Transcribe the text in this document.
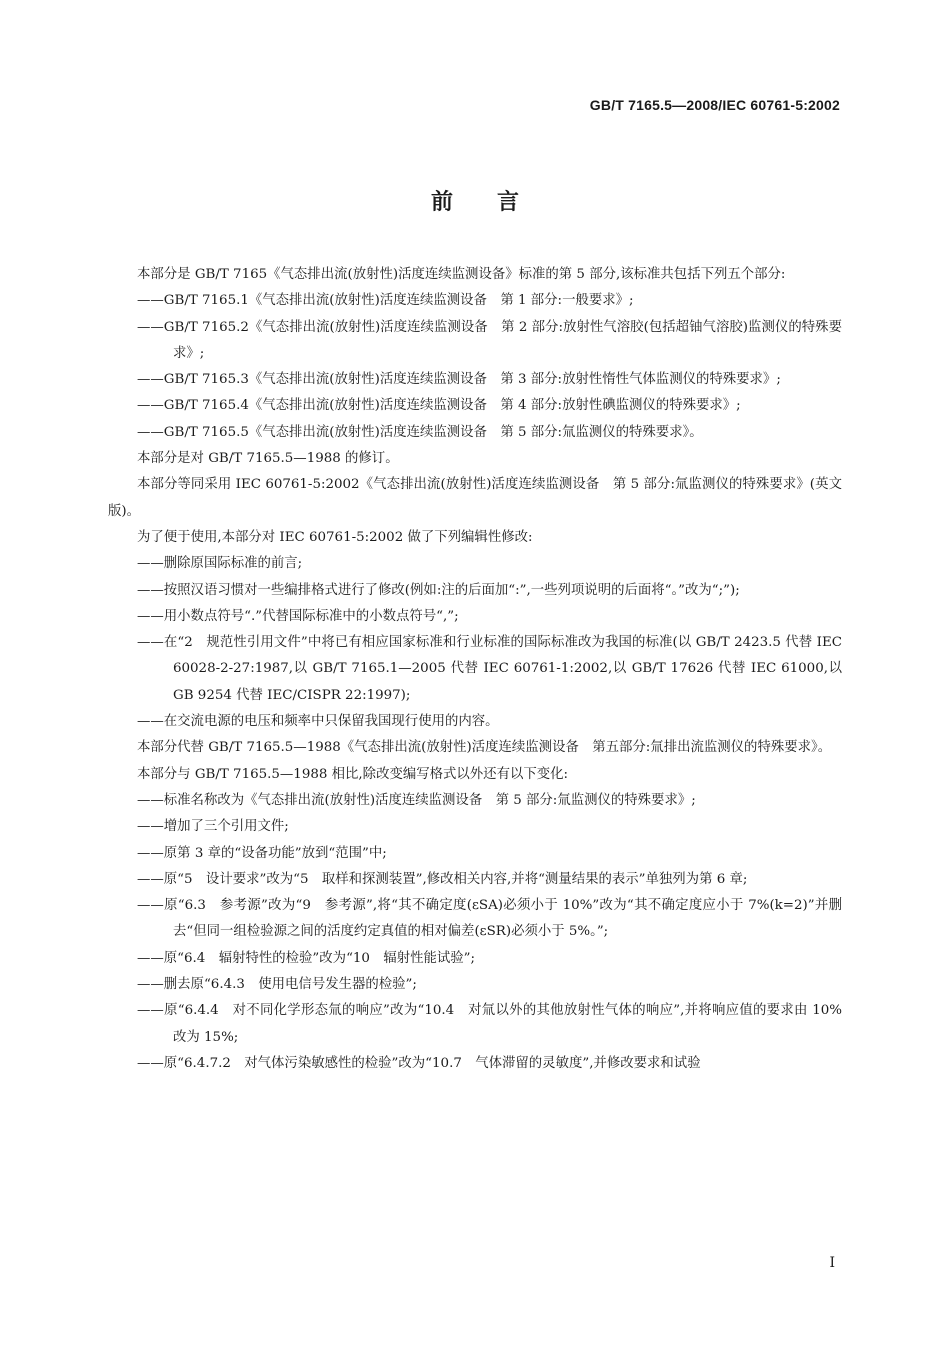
GB/T 7165.5—2008/IEC 60761-5:2002
前言

本部分是 GB/T 7165《气态排出流(放射性)活度连续监测设备》标准的第 5 部分,该标准共包括下列五个部分:

——GB/T 7165.1《气态排出流(放射性)活度连续监测设备　第 1 部分:一般要求》;

——GB/T 7165.2《气态排出流(放射性)活度连续监测设备　第 2 部分:放射性气溶胶(包括超铀气溶胶)监测仪的特殊要求》;

——GB/T 7165.3《气态排出流(放射性)活度连续监测设备　第 3 部分:放射性惰性气体监测仪的特殊要求》;

——GB/T 7165.4《气态排出流(放射性)活度连续监测设备　第 4 部分:放射性碘监测仪的特殊要求》;

——GB/T 7165.5《气态排出流(放射性)活度连续监测设备　第 5 部分:氚监测仪的特殊要求》。

本部分是对 GB/T 7165.5—1988 的修订。

本部分等同采用 IEC 60761-5:2002《气态排出流(放射性)活度连续监测设备　第 5 部分:氚监测仪的特殊要求》(英文版)。

为了便于使用,本部分对 IEC 60761-5:2002 做了下列编辑性修改:

——删除原国际标准的前言;

——按照汉语习惯对一些编排格式进行了修改(例如:注的后面加“:”,一些列项说明的后面将“。”改为“;”);

——用小数点符号“.”代替国际标准中的小数点符号“,”;

——在“2　规范性引用文件”中将已有相应国家标准和行业标准的国际标准改为我国的标准(以 GB/T 2423.5 代替 IEC 60028-2-27:1987,以 GB/T 7165.1—2005 代替 IEC 60761-1:2002,以 GB/T 17626 代替 IEC 61000,以 GB 9254 代替 IEC/CISPR 22:1997);

——在交流电源的电压和频率中只保留我国现行使用的内容。

本部分代替 GB/T 7165.5—1988《气态排出流(放射性)活度连续监测设备　第五部分:氚排出流监测仪的特殊要求》。

本部分与 GB/T 7165.5—1988 相比,除改变编写格式以外还有以下变化:

——标准名称改为《气态排出流(放射性)活度连续监测设备　第 5 部分:氚监测仪的特殊要求》;

——增加了三个引用文件;

——原第 3 章的“设备功能”放到“范围”中;

——原“5　设计要求”改为“5　取样和探测装置”,修改相关内容,并将“测量结果的表示”单独列为第 6 章;

——原“6.3　参考源”改为“9　参考源”,将“其不确定度(εSA)必须小于 10%”改为“其不确定度应小于 7%(k=2)”并删去“但同一组检验源之间的活度约定真值的相对偏差(εSR)必须小于 5%。”;

——原“6.4　辐射特性的检验”改为“10　辐射性能试验”;

——删去原“6.4.3　使用电信号发生器的检验”;

——原“6.4.4　对不同化学形态氚的响应”改为“10.4　对氚以外的其他放射性气体的响应”,并将响应值的要求由 10%改为 15%;

——原“6.4.7.2　对气体污染敏感性的检验”改为“10.7　气体滞留的灵敏度”,并修改要求和试验

I
